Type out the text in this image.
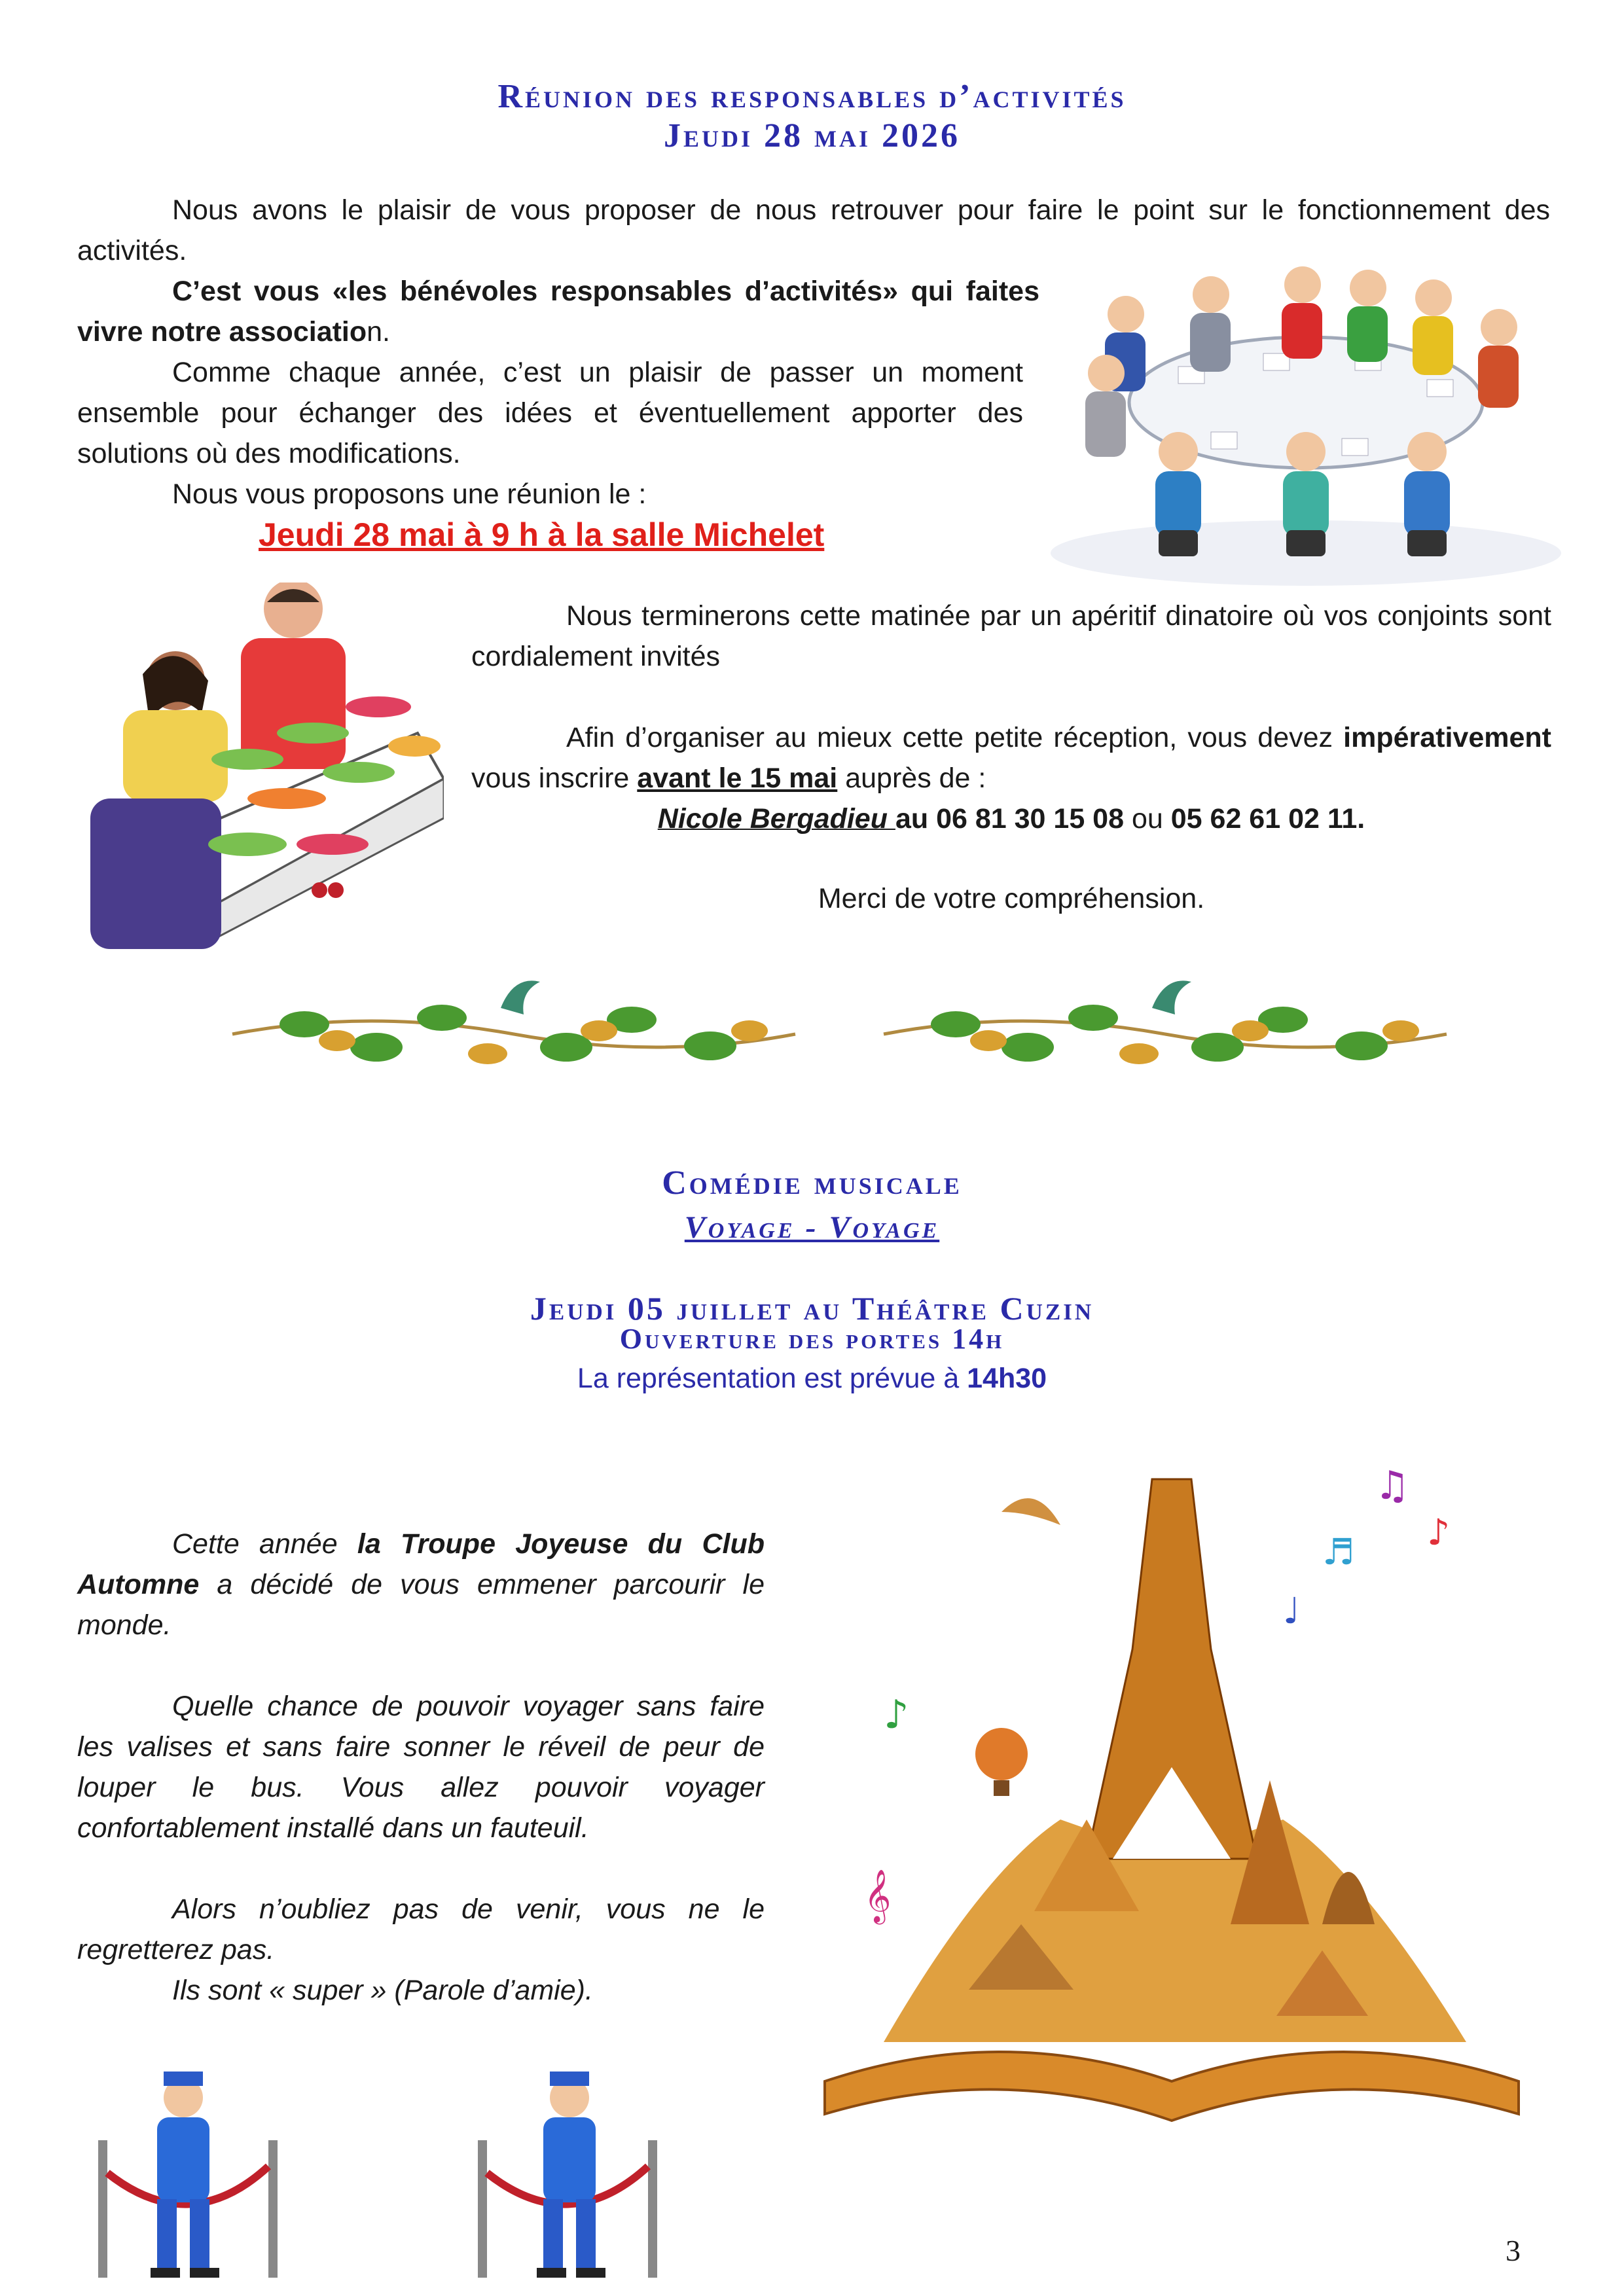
Réunion des responsables d’activités
Jeudi 28 mai 2026

Nous avons le plaisir de vous proposer de nous retrouver pour faire le point sur le fonctionnement des activités.

C’est vous «les bénévoles responsables d’activités» qui faites vivre notre association.

Comme chaque année, c’est un plaisir de passer un moment ensemble pour échanger des idées et éventuellement apporter des solutions où des modifications.

Nous vous proposons une réunion le :

Jeudi 28 mai à 9 h à la salle Michelet

Nous terminerons cette matinée par un apéritif dinatoire où vos conjoints sont cordialement invités

Afin d’organiser au mieux cette petite réception, vous devez impérativement vous inscrire avant le 15 mai auprès de :

Nicole Bergadieu au 06 81 30 15 08 ou 05 62 61 02 11.
Merci de votre compréhension.
Comédie musicale
Voyage - Voyage
Jeudi 05 juillet au Théâtre Cuzin
Ouverture des portes 14h
La représentation est prévue à 14h30

Cette année la Troupe Joyeuse du Club Automne a décidé de vous emmener parcourir le monde.

Quelle chance de pouvoir voyager sans faire les valises et sans faire sonner le réveil de peur de louper le bus. Vous allez pouvoir voyager confortablement installé dans un fauteuil.

Alors n’oubliez pas de venir, vous ne le regretterez pas.

Ils sont « super » (Parole d’amie).

♫
♪
♬
♪
𝄞
♩
3
